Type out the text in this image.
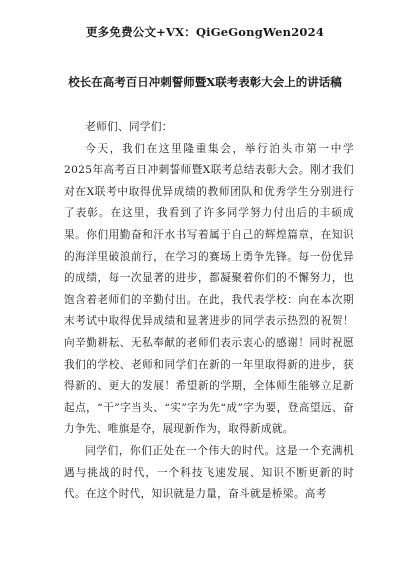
更多免费公文+VX：QiGeGongWen2024
校长在高考百日冲刺誓师暨X联考表彰大会上的讲话稿

老师们、同学们：

今天，我们在这里隆重集会，举行泊头市第一中学2025年高考百日冲刺誓师暨X联考总结表彰大会。刚才我们对在X联考中取得优异成绩的教师团队和优秀学生分别进行了表彰。在这里，我看到了许多同学努力付出后的丰硕成果。你们用勤奋和汗水书写着属于自己的辉煌篇章，在知识的海洋里破浪前行，在学习的赛场上勇争先锋。每一份优异的成绩，每一次显著的进步，都凝聚着你们的不懈努力，也饱含着老师们的辛勤付出。在此，我代表学校：向在本次期末考试中取得优异成绩和显著进步的同学表示热烈的祝贺！向辛勤耕耘、无私奉献的老师们表示衷心的感谢！同时祝愿我们的学校、老师和同学们在新的一年里取得新的进步，获得新的、更大的发展！希望新的学期，全体师生能够立足新起点，“干”字当头、“实”字为先“成”字为要，登高望远、奋力争先、唯旗是夺，展现新作为，取得新成就。

同学们，你们正处在一个伟大的时代。这是一个充满机遇与挑战的时代，一个科技飞速发展、知识不断更新的时代。在这个时代，知识就是力量，奋斗就是桥梁。高考
